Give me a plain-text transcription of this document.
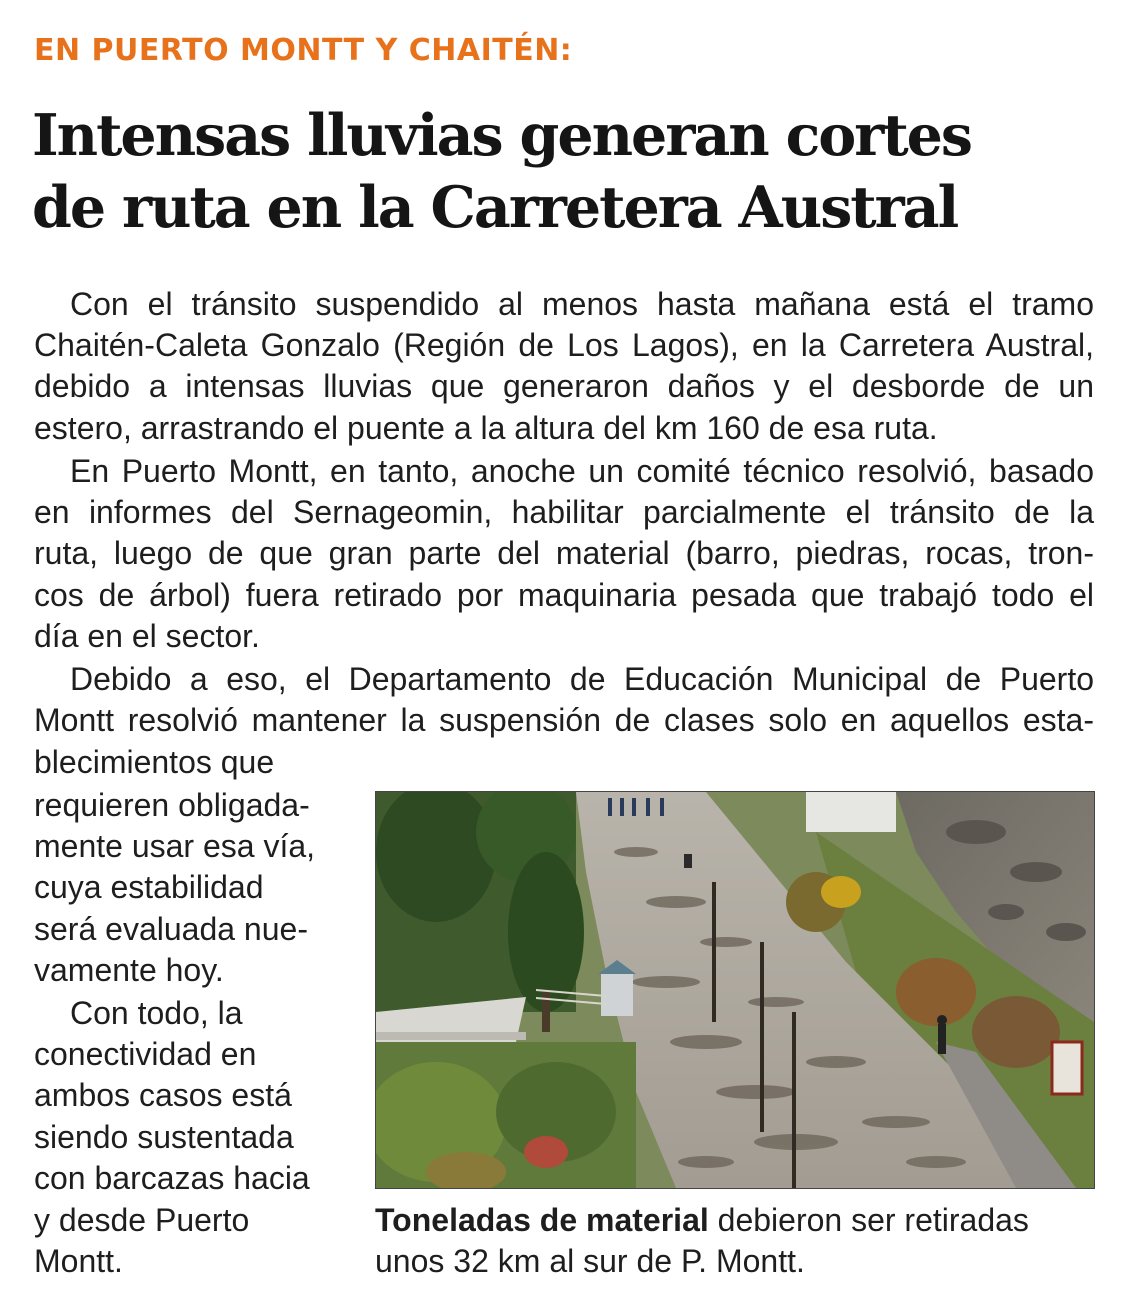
EN PUERTO MONTT Y CHAITÉN:
Intensas lluvias generan cortes
de ruta en la Carretera Austral
Con el tránsito suspendido al menos hasta mañana está el tramo
Chaitén-Caleta Gonzalo (Región de Los Lagos), en la Carretera Austral,
debido a intensas lluvias que generaron daños y el desborde de un
estero, arrastrando el puente a la altura del km 160 de esa ruta.
En Puerto Montt, en tanto, anoche un comité técnico resolvió, basado
en informes del Sernageomin, habilitar parcialmente el tránsito de la
ruta, luego de que gran parte del material (barro, piedras, rocas, tron-
cos de árbol) fuera retirado por maquinaria pesada que trabajó todo el
día en el sector.
Debido a eso, el Departamento de Educación Municipal de Puerto
Montt resolvió mantener la suspensión de clases solo en aquellos esta-
blecimientos que
requieren obligada-
mente usar esa vía,
cuya estabilidad
será evaluada nue-
vamente hoy.
Con todo, la
conectividad en
ambos casos está
siendo sustentada
con barcazas hacia
y desde Puerto
Montt.
Toneladas de material debieron ser retiradas
unos 32 km al sur de P. Montt.
